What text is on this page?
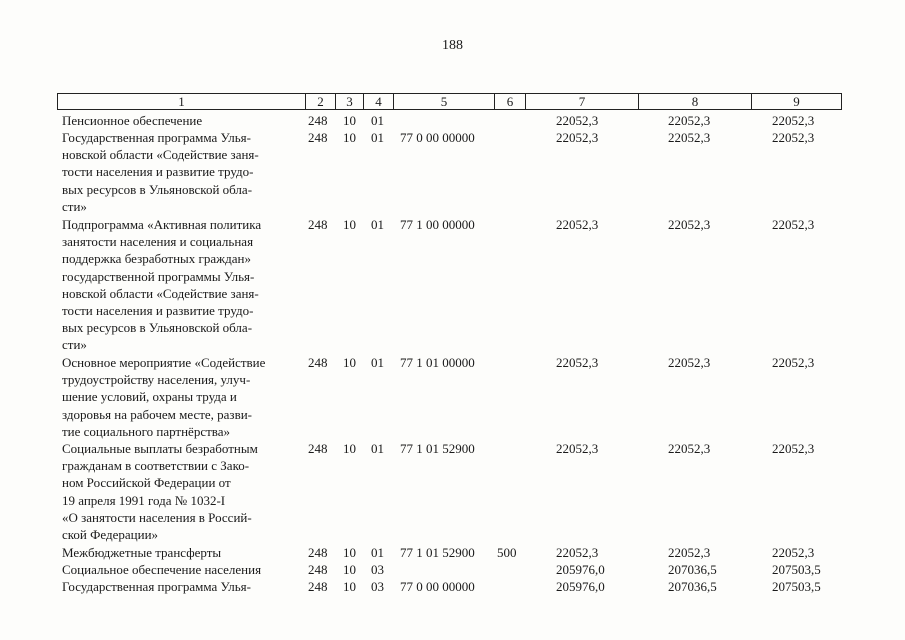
188
1	2	3	4	5	6	7	8	9
Пенсионное обеспечение	248 10 01	22052,3	22052,3	22052,3
Государственная программа Улья-
новской области «Содействие заня-
тости населения и развитие трудо-
вых ресурсов в Ульяновской обла-
сти»
248 10 01 77 0 00 00000	22052,3	22052,3	22052,3
Подпрограмма «Активная политика
занятости населения и социальная
поддержка безработных граждан»
государственной программы Улья-
новской области «Содействие заня-
тости населения и развитие трудо-
вых ресурсов в Ульяновской обла-
сти»
248 10 01 77 1 00 00000	22052,3	22052,3	22052,3
Основное мероприятие «Содействие
трудоустройству населения, улуч-
шение условий, охраны труда и
здоровья на рабочем месте, разви-
тие социального партнёрства»
248 10 01 77 1 01 00000	22052,3	22052,3	22052,3
Социальные выплаты безработным
гражданам в соответствии с Зако-
ном Российской Федерации от
19 апреля 1991 года № 1032-I
«О занятости населения в Россий-
ской Федерации»
248 10 01 77 1 01 52900	22052,3	22052,3	22052,3
Межбюджетные трансферты	248 10 01 77 1 01 52900 500	22052,3	22052,3	22052,3
Социальное обеспечение населения	248 10 03	205976,0	207036,5	207503,5
Государственная программа Улья-	248 10 03 77 0 00 00000	205976,0	207036,5	207503,5
